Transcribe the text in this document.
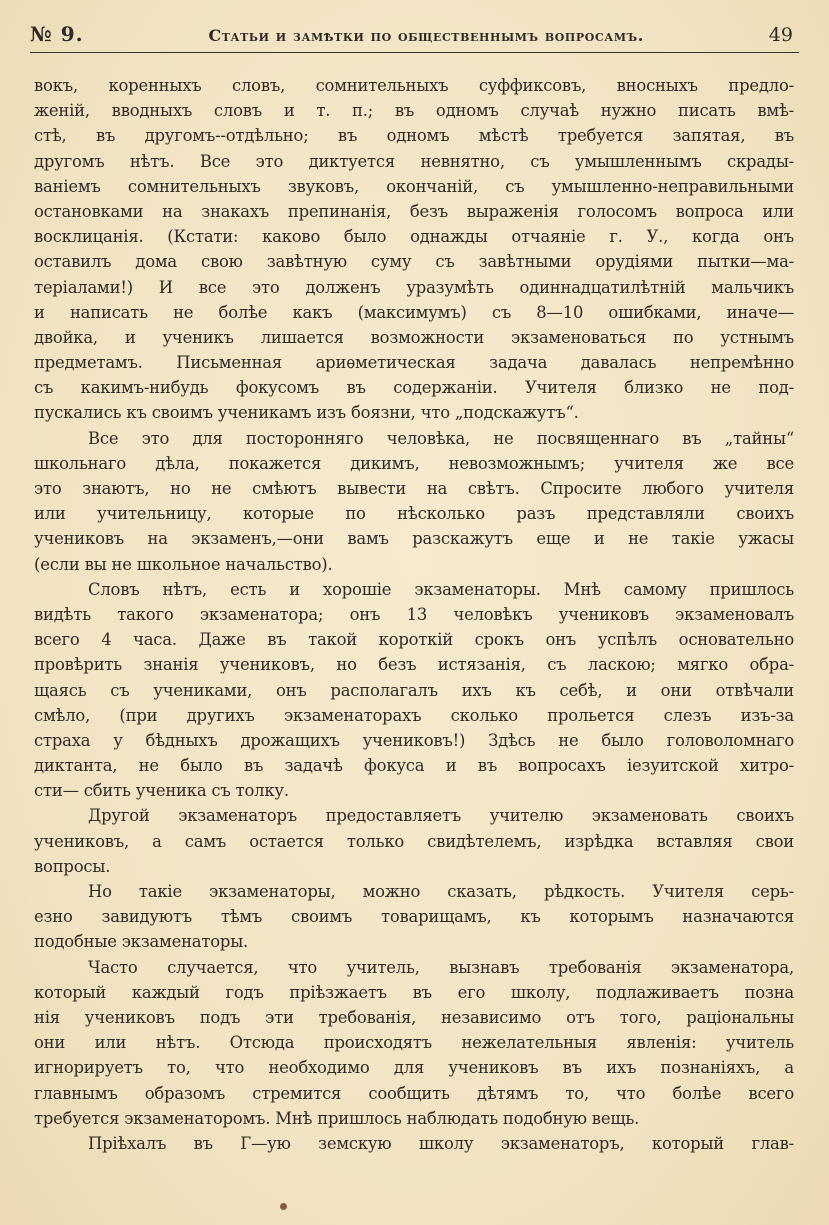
№ 9.	Статьи и замѣтки по общественнымъ вопросамъ.	49
вокъ, коренныхъ словъ, сомнительныхъ суффиксовъ, вносныхъ предло-
женій, вводныхъ словъ и т. п.; въ одномъ случаѣ нужно писать вмѣ-
стѣ, въ другомъ--отдѣльно; въ одномъ мѣстѣ требуется запятая, въ
другомъ нѣтъ. Все это диктуется невнятно, съ умышленнымъ скрады-
ваніемъ сомнительныхъ звуковъ, окончаній, съ умышленно-неправильными
остановками на знакахъ препинанія, безъ выраженія голосомъ вопроса или
восклицанія. (Кстати: каково было однажды отчаяніе г. У., когда онъ
оставилъ дома свою завѣтную суму съ завѣтными орудіями пытки—ма-
теріалами!) И все это долженъ уразумѣть одиннадцатилѣтній мальчикъ
и написать не болѣе какъ (максимумъ) съ 8—10 ошибками, иначе—
двойка, и ученикъ лишается возможности экзаменоваться по устнымъ
предметамъ. Письменная ариѳметическая задача давалась непремѣнно
съ какимъ-нибудь фокусомъ въ содержаніи. Учителя близко не под-
пускались къ своимъ ученикамъ изъ боязни, что „подскажутъ“.
Все это для посторонняго человѣка, не посвященнаго въ „тайны“
школьнаго дѣла, покажется дикимъ, невозможнымъ; учителя же все
это знаютъ, но не смѣютъ вывести на свѣтъ. Спросите любого учителя
или учительницу, которые по нѣсколько разъ представляли своихъ
учениковъ на экзаменъ,—они вамъ разскажутъ еще и не такіе ужасы
(если вы не школьное начальство).
Словъ нѣтъ, есть и хорошіе экзаменаторы. Мнѣ самому пришлось
видѣть такого экзаменатора; онъ 13 человѣкъ учениковъ экзаменовалъ
всего 4 часа. Даже въ такой короткій срокъ онъ успѣлъ основательно
провѣрить знанія учениковъ, но безъ истязанія, съ ласкою; мягко обра-
щаясь съ учениками, онъ располагалъ ихъ къ себѣ, и они отвѣчали
смѣло, (при другихъ экзаменаторахъ сколько прольется слезъ изъ-за
страха у бѣдныхъ дрожащихъ учениковъ!) Здѣсь не было головоломнаго
диктанта, не было въ задачѣ фокуса и въ вопросахъ іезуитской хитро-
сти— сбить ученика съ толку.
Другой экзаменаторъ предоставляетъ учителю экзаменовать своихъ
учениковъ, а самъ остается только свидѣтелемъ, изрѣдка вставляя свои
вопросы.
Но такіе экзаменаторы, можно сказать, рѣдкость. Учителя серь-
езно завидуютъ тѣмъ своимъ товарищамъ, къ которымъ назначаются
подобные экзаменаторы.
Часто случается, что учитель, вызнавъ требованія экзаменатора,
который каждый годъ пріѣзжаетъ въ его школу, подлаживаетъ позна
нія учениковъ подъ эти требованія, независимо отъ того, раціональны
они или нѣтъ. Отсюда происходятъ нежелательныя явленія: учитель
игнорируетъ то, что необходимо для учениковъ въ ихъ познаніяхъ, а
главнымъ образомъ стремится сообщить дѣтямъ то, что болѣе всего
требуется экзаменаторомъ. Мнѣ пришлось наблюдать подобную вещь.
Пріѣхалъ въ Г—ую земскую школу экзаменаторъ, который глав-
